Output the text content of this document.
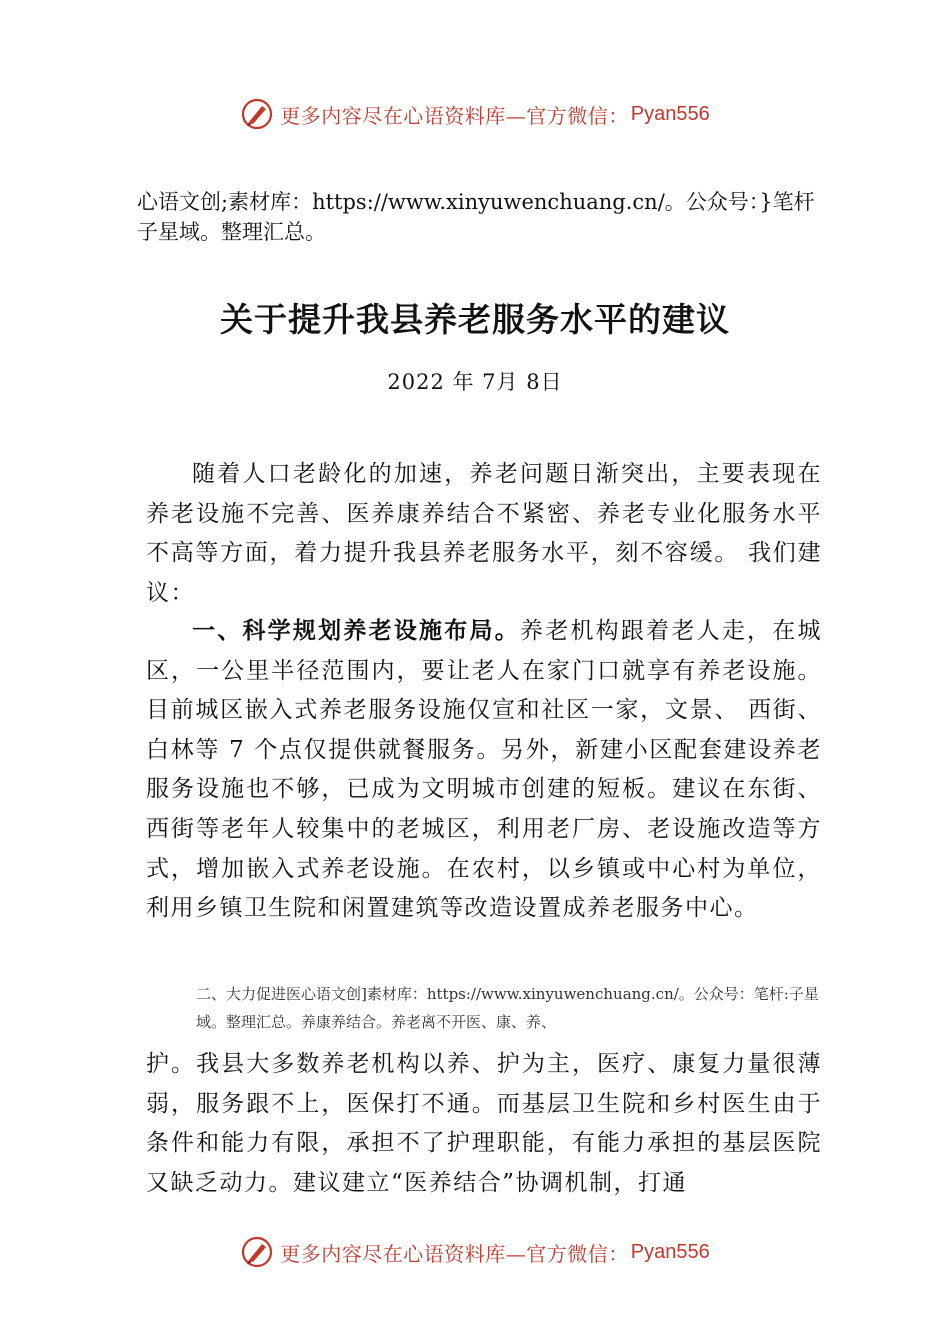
更多内容尽在心语资料库—官方微信： Pyan556
心语文创;素材库：https://www.xinyuwenchuang.cn/。公众号：}笔杆子星域。整理汇总。
关于提升我县养老服务水平的建议
2022 年 7月 8日
随着人口老龄化的加速，养老问题日渐突出，主要表现在养老设施不完善、医养康养结合不紧密、养老专业化服务水平不高等方面，着力提升我县养老服务水平，刻不容缓。 我们建议：
一、科学规划养老设施布局。养老机构跟着老人走，在城区，一公里半径范围内，要让老人在家门口就享有养老设施。目前城区嵌入式养老服务设施仅宣和社区一家，文景、 西街、白林等 7 个点仅提供就餐服务。另外，新建小区配套建设养老服务设施也不够，已成为文明城市创建的短板。建议在东街、西街等老年人较集中的老城区，利用老厂房、老设施改造等方式，增加嵌入式养老设施。在农村，以乡镇或中心村为单位，利用乡镇卫生院和闲置建筑等改造设置成养老服务中心。
二、大力促进医心语文创]素材库：https://www.xinyuwenchuang.cn/。公众号：笔杆:子星域。整理汇总。养康养结合。养老离不开医、康、养、
护。我县大多数养老机构以养、护为主，医疗、康复力量很薄弱，服务跟不上，医保打不通。而基层卫生院和乡村医生由于条件和能力有限，承担不了护理职能，有能力承担的基层医院又缺乏动力。建议建立“医养结合”协调机制，打通
更多内容尽在心语资料库—官方微信： Pyan556
